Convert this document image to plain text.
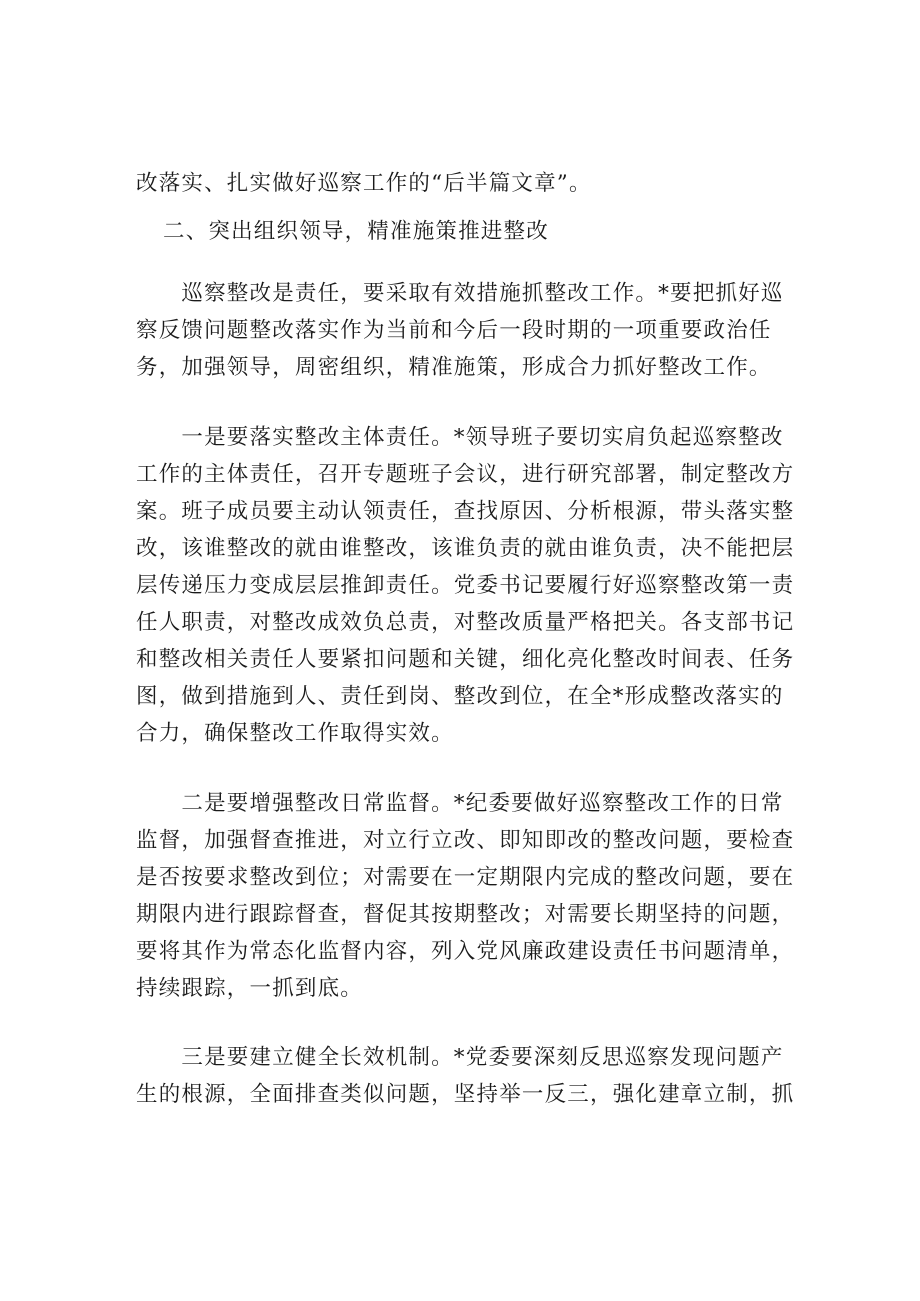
改落实、扎实做好巡察工作的“后半篇文章”。
二、突出组织领导，精准施策推进整改
　　巡察整改是责任，要采取有效措施抓整改工作。*要把抓好巡
察反馈问题整改落实作为当前和今后一段时期的一项重要政治任
务，加强领导，周密组织，精准施策，形成合力抓好整改工作。
　　一是要落实整改主体责任。*领导班子要切实肩负起巡察整改
工作的主体责任，召开专题班子会议，进行研究部署，制定整改方
案。班子成员要主动认领责任，查找原因、分析根源，带头落实整
改，该谁整改的就由谁整改，该谁负责的就由谁负责，决不能把层
层传递压力变成层层推卸责任。党委书记要履行好巡察整改第一责
任人职责，对整改成效负总责，对整改质量严格把关。各支部书记
和整改相关责任人要紧扣问题和关键，细化亮化整改时间表、任务
图，做到措施到人、责任到岗、整改到位，在全*形成整改落实的
合力，确保整改工作取得实效。
　　二是要增强整改日常监督。*纪委要做好巡察整改工作的日常
监督，加强督查推进，对立行立改、即知即改的整改问题，要检查
是否按要求整改到位；对需要在一定期限内完成的整改问题，要在
期限内进行跟踪督查，督促其按期整改；对需要长期坚持的问题，
要将其作为常态化监督内容，列入党风廉政建设责任书问题清单，
持续跟踪，一抓到底。
　　三是要建立健全长效机制。*党委要深刻反思巡察发现问题产
生的根源，全面排查类似问题，坚持举一反三，强化建章立制，抓
